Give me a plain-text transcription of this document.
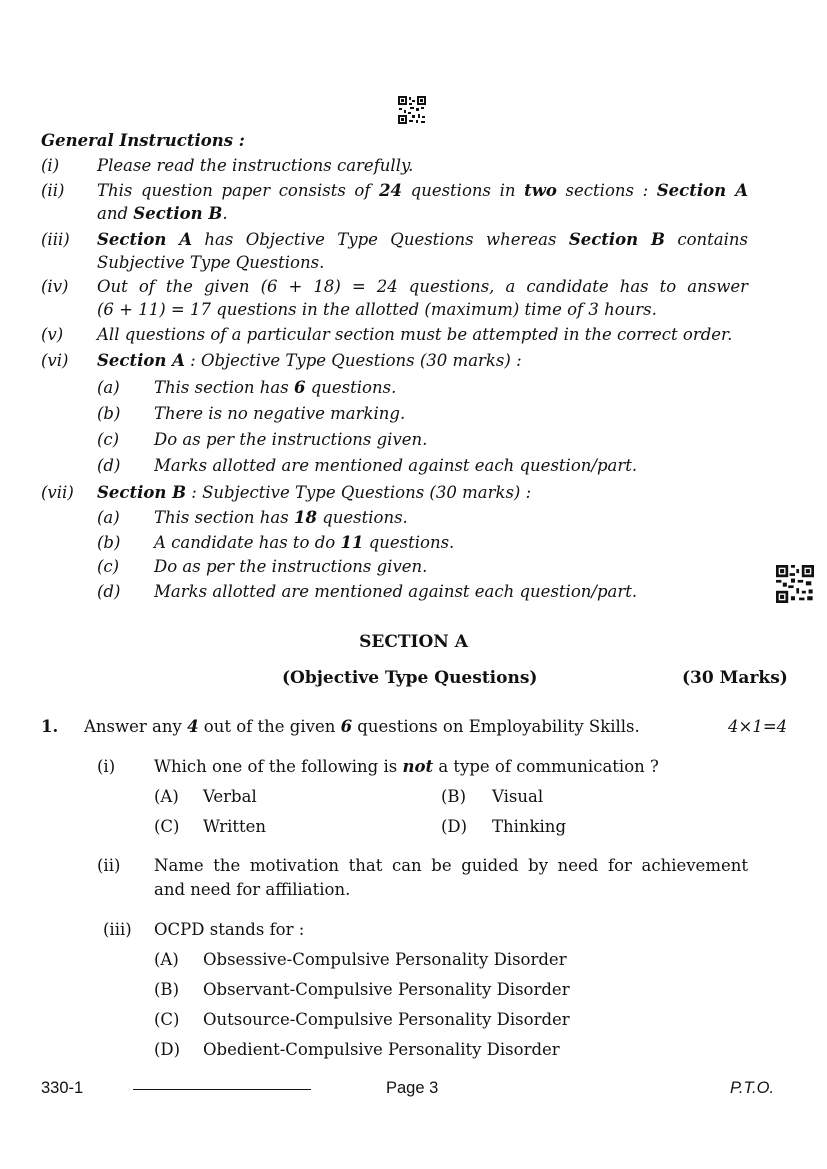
General Instructions :
(i) Please read the instructions carefully.
(ii) This question paper consists of 24 questions in two sections : Section A
and Section B.
(iii) Section A has Objective Type Questions whereas Section B contains
Subjective Type Questions.
(iv) Out of the given (6 + 18) = 24 questions, a candidate has to answer
(6 + 11) = 17 questions in the allotted (maximum) time of 3 hours.
(v) All questions of a particular section must be attempted in the correct order.
(vi) Section A : Objective Type Questions (30 marks) :
(a) This section has 6 questions.
(b) There is no negative marking.
(c) Do as per the instructions given.
(d) Marks allotted are mentioned against each question/part.
(vii) Section B : Subjective Type Questions (30 marks) :
(a) This section has 18 questions.
(b) A candidate has to do 11 questions.
(c) Do as per the instructions given.
(d) Marks allotted are mentioned against each question/part.
SECTION A
(Objective Type Questions)	(30 Marks)
1. Answer any 4 out of the given 6 questions on Employability Skills.	4×1=4
(i) Which one of the following is not a type of communication ?
(A) Verbal	(B) Visual
(C) Written	(D) Thinking
(ii) Name the motivation that can be guided by need for achievement
and need for affiliation.
(iii) OCPD stands for :
(A) Obsessive-Compulsive Personality Disorder
(B) Observant-Compulsive Personality Disorder
(C) Outsource-Compulsive Personality Disorder
(D) Obedient-Compulsive Personality Disorder
330-1	Page 3	P.T.O.
